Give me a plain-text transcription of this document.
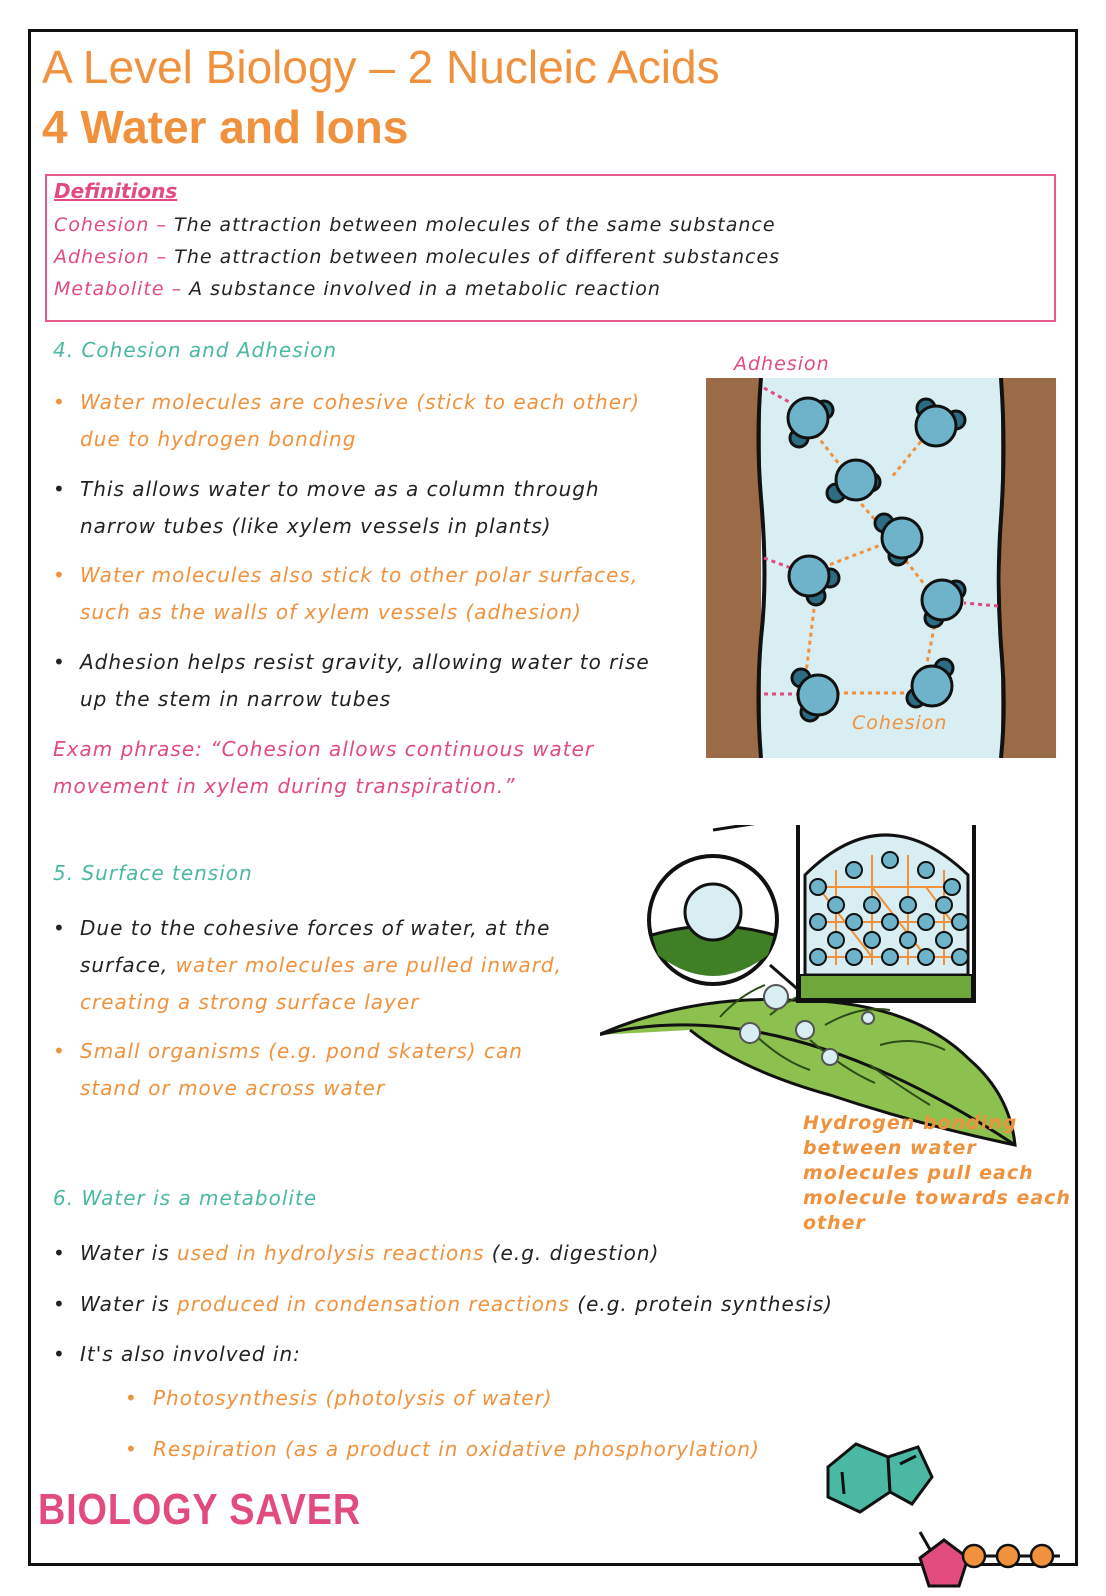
A Level Biology – 2 Nucleic Acids
4 Water and Ions
Definitions
Cohesion – The attraction between molecules of the same substance
Adhesion – The attraction between molecules of different substances
Metabolite – A substance involved in a metabolic reaction
4. Cohesion and Adhesion
• Water molecules are cohesive (stick to each other)
due to hydrogen bonding
• This allows water to move as a column through
narrow tubes (like xylem vessels in plants)
• Water molecules also stick to other polar surfaces,
such as the walls of xylem vessels (adhesion)
• Adhesion helps resist gravity, allowing water to rise
up the stem in narrow tubes
Exam phrase: “Cohesion allows continuous water
movement in xylem during transpiration.”
Adhesion
Cohesion
5. Surface tension
• Due to the cohesive forces of water, at the
surface, water molecules are pulled inward,
creating a strong surface layer
• Small organisms (e.g. pond skaters) can
stand or move across water
Hydrogen bonding
between water
molecules pull each
molecule towards each
other
6. Water is a metabolite
• Water is used in hydrolysis reactions (e.g. digestion)
• Water is produced in condensation reactions (e.g. protein synthesis)
• It's also involved in:
• Photosynthesis (photolysis of water)
• Respiration (as a product in oxidative phosphorylation)
BIOLOGY SAVER
